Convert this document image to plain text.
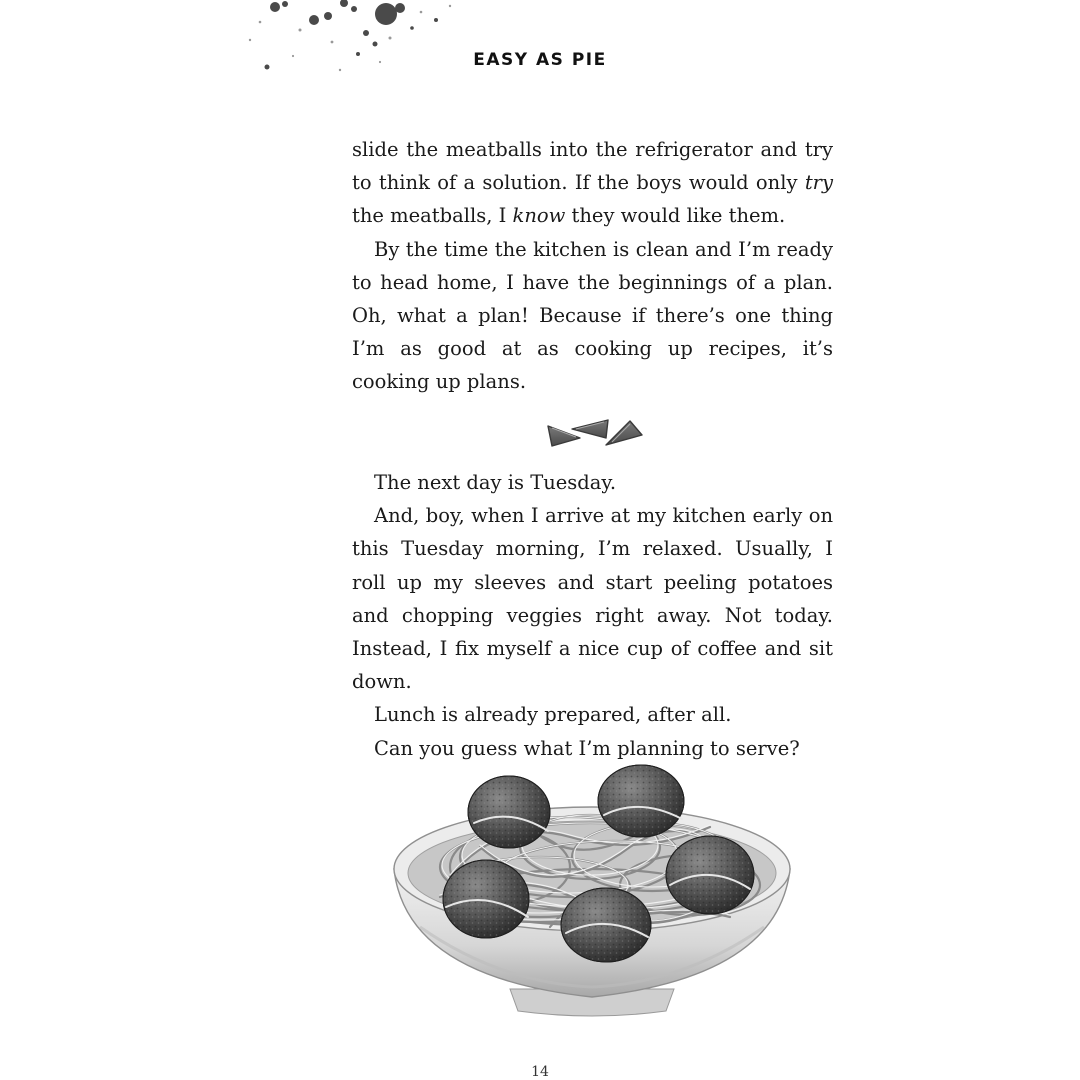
EASY AS PIE

slide the meatballs into the refrigerator and try to think of a solution. If the boys would only try the meatballs, I know they would like them.

By the time the kitchen is clean and I’m ready to head home, I have the beginnings of a plan. Oh, what a plan! Because if there’s one thing I’m as good at as cooking up recipes, it’s cooking up plans.

The next day is Tuesday.

And, boy, when I arrive at my kitchen early on this Tuesday morning, I’m relaxed. Usually, I roll up my sleeves and start peeling potatoes and chopping veggies right away. Not today. Instead, I fix myself a nice cup of coffee and sit down.

Lunch is already prepared, after all.

Can you guess what I’m planning to serve?

14
